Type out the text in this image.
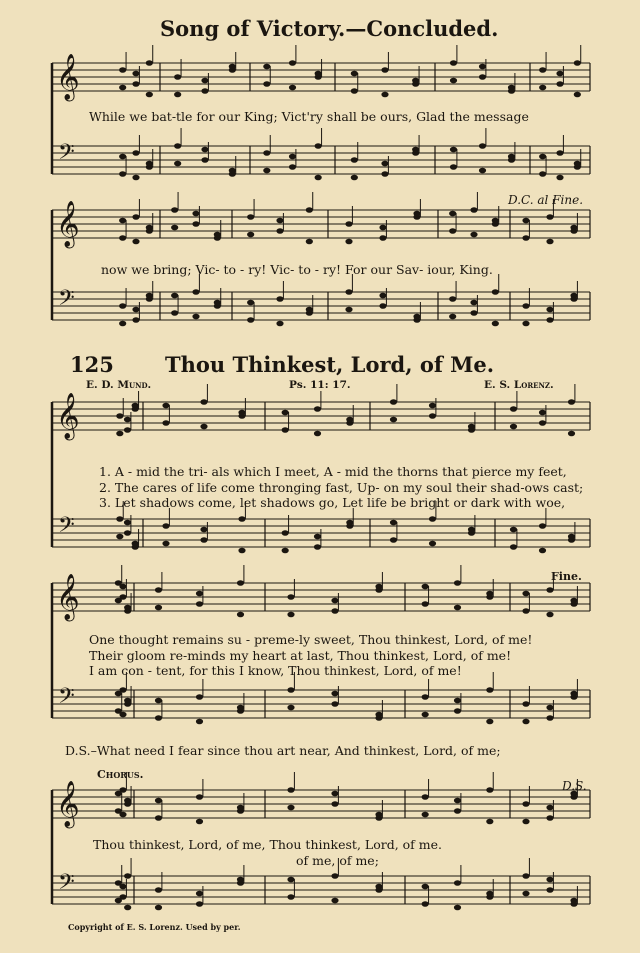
Song of Victory.—Concluded.
𝄞
𝄢
𝄞
𝄢
𝄞
𝄢
𝄞
𝄢
𝄞
𝄢
While we bat-tle for our King; Vict'ry shall be ours, Glad the message
now we bring; Vic- to - ry! Vic- to - ry! For our Sav- iour, King.
D.C. al Fine.
125 Thou Thinkest, Lord, of Me.
E. D. Mund.	Ps. 11: 17.	E. S. Lorenz.
1. A - mid the tri- als which I meet, A - mid the thorns that pierce my feet,
2. The cares of life come thronging fast, Up- on my soul their shad-ows cast;
3. Let shadows come, let shadows go, Let life be bright or dark with woe,
One thought remains su - preme-ly sweet, Thou thinkest, Lord, of me!
Their gloom re-minds my heart at last, Thou thinkest, Lord, of me!
I am con - tent, for this I know, Thou thinkest, Lord, of me!
Fine.
D.S.–What need I fear since thou art near, And thinkest, Lord, of me;
Chorus.
D.S.
Thou thinkest, Lord, of me, Thou thinkest, Lord, of me.
of me, of me;
Copyright of E. S. Lorenz. Used by per.
